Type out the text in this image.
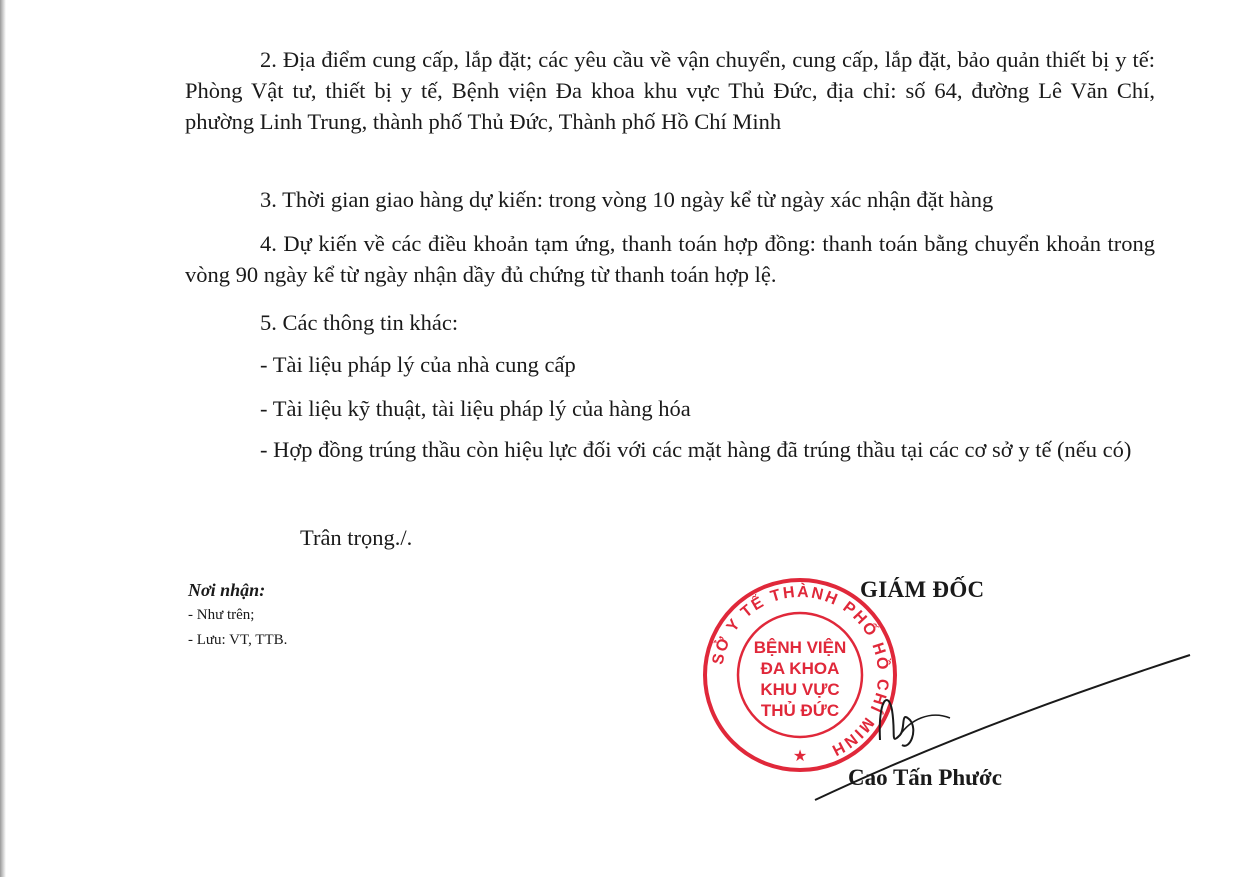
2. Địa điểm cung cấp, lắp đặt; các yêu cầu về vận chuyển, cung cấp, lắp đặt, bảo quản thiết bị y tế: Phòng Vật tư, thiết bị y tế, Bệnh viện Đa khoa khu vực Thủ Đức, địa chỉ: số 64, đường Lê Văn Chí, phường Linh Trung, thành phố Thủ Đức, Thành phố Hồ Chí Minh

3. Thời gian giao hàng dự kiến: trong vòng 10 ngày kể từ ngày xác nhận đặt hàng

4. Dự kiến về các điều khoản tạm ứng, thanh toán hợp đồng: thanh toán bằng chuyển khoản trong vòng 90 ngày kể từ ngày nhận dầy đủ chứng từ thanh toán hợp lệ.

5. Các thông tin khác:

- Tài liệu pháp lý của nhà cung cấp

- Tài liệu kỹ thuật, tài liệu pháp lý của hàng hóa

- Hợp đồng trúng thầu còn hiệu lực đối với các mặt hàng đã trúng thầu tại các cơ sở y tế (nếu có)

Trân trọng./.

Nơi nhận:

- Như trên;

- Lưu: VT, TTB.

GIÁM ĐỐC

SỞ Y TẾ THÀNH PHỐ HỒ CHÍ MINH
★
BỆNH VIỆN
ĐA KHOA
KHU VỰC
THỦ ĐỨC

Cao Tấn Phước
